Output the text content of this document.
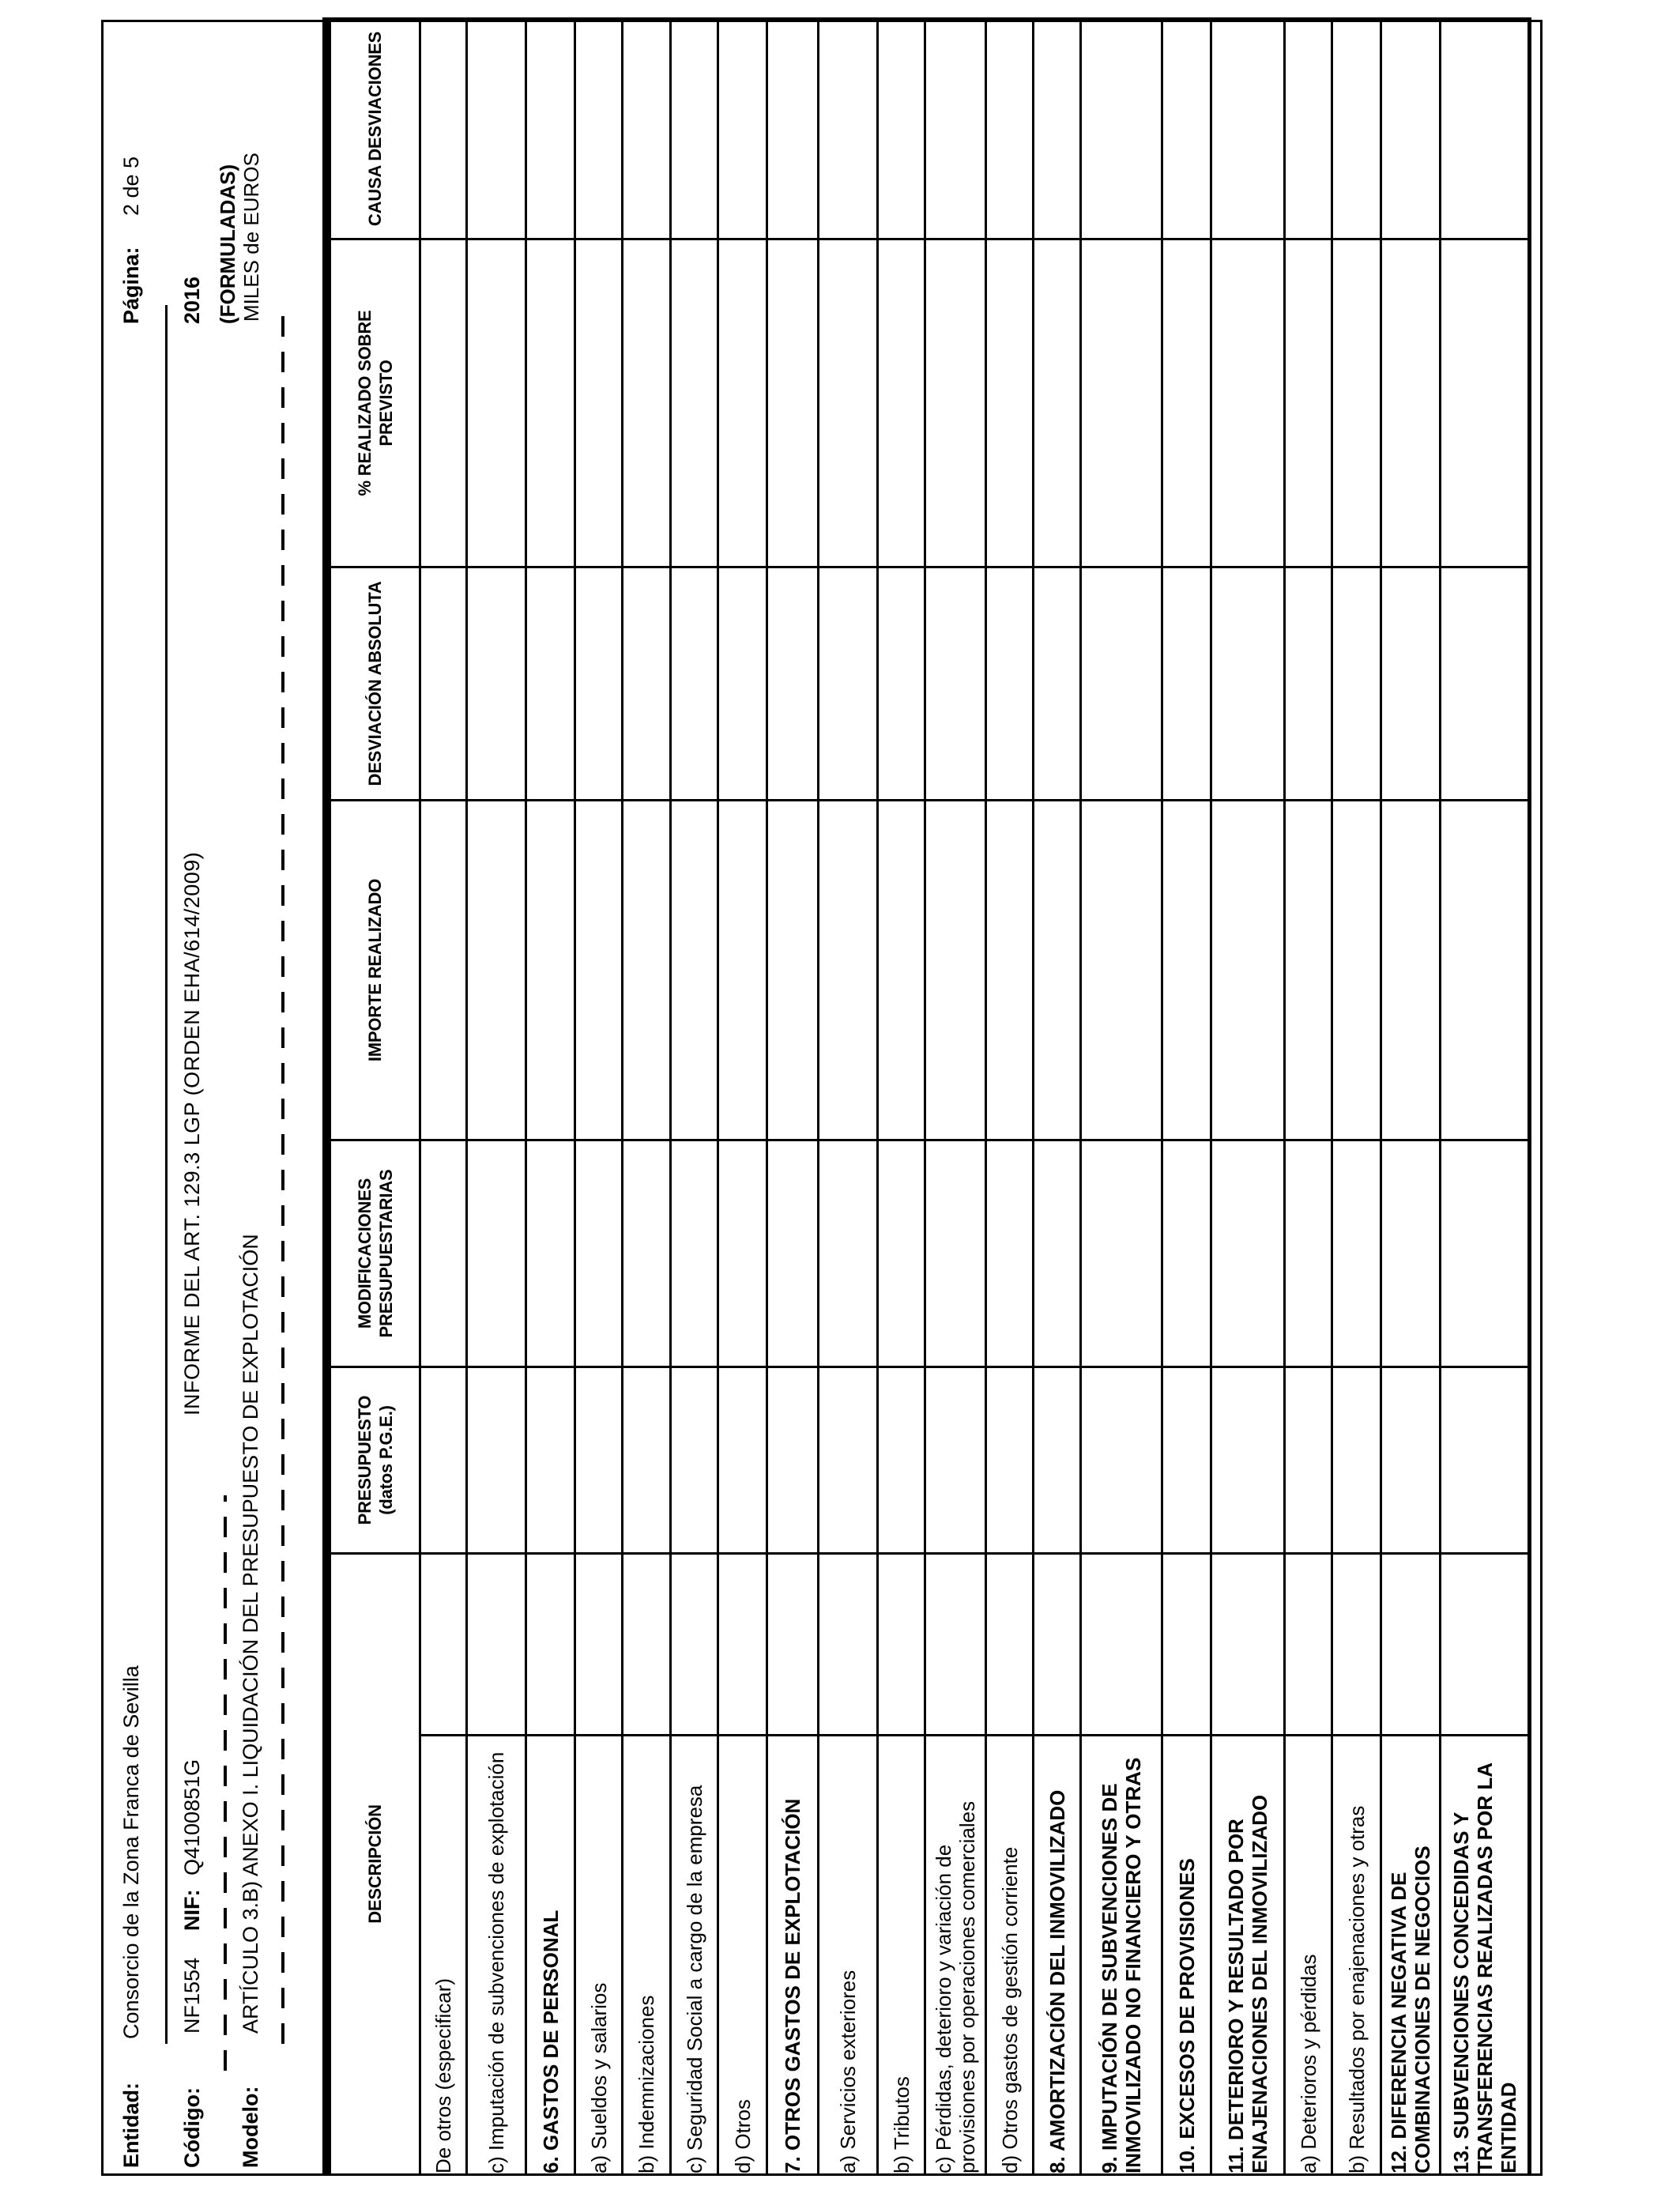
Entidad:
Consorcio de la Zona Franca de Sevilla
Página:
2 de 5
Código:
NF1554
NIF:
Q4100851G
INFORME DEL ART. 129.3 LGP (ORDEN EHA/614/2009)
2016 (FORMULADAS)
Modelo:
ARTÍCULO 3.B) ANEXO I. LIQUIDACIÓN DEL PRESUPUESTO DE EXPLOTACIÓN
MILES de EUROS
DESCRIPCIÓN		PRESUPUESTO (datos P.G.E.)	MODIFICACIONES PRESUPUESTARIAS	IMPORTE REALIZADO	DESVIACIÓN ABSOLUTA	% REALIZADO SOBRE PREVISTO	CAUSA DESVIACIONES
De otros (especificar)							
c) Imputación de subvenciones de explotación							
6. GASTOS DE PERSONAL							
a) Sueldos y salarios							
b) Indemnizaciones							
c) Seguridad Social a cargo de la empresa							
d) Otros							
7. OTROS GASTOS DE EXPLOTACIÓN							
a) Servicios exteriores							
b) Tributos							
c) Pérdidas, deterioro y variación de provisiones por operaciones comerciales							
d) Otros gastos de gestión corriente							
8. AMORTIZACIÓN DEL INMOVILIZADO							
9. IMPUTACIÓN DE SUBVENCIONES DE INMOVILIZADO NO FINANCIERO Y OTRAS							
10. EXCESOS DE PROVISIONES							
11. DETERIORO Y RESULTADO POR ENAJENACIONES DEL INMOVILIZADO							
a) Deterioros y pérdidas							
b) Resultados por enajenaciones y otras							
12. DIFERENCIA NEGATIVA DE COMBINACIONES DE NEGOCIOS							
13. SUBVENCIONES CONCEDIDAS Y TRANSFERENCIAS REALIZADAS POR LA ENTIDAD							
